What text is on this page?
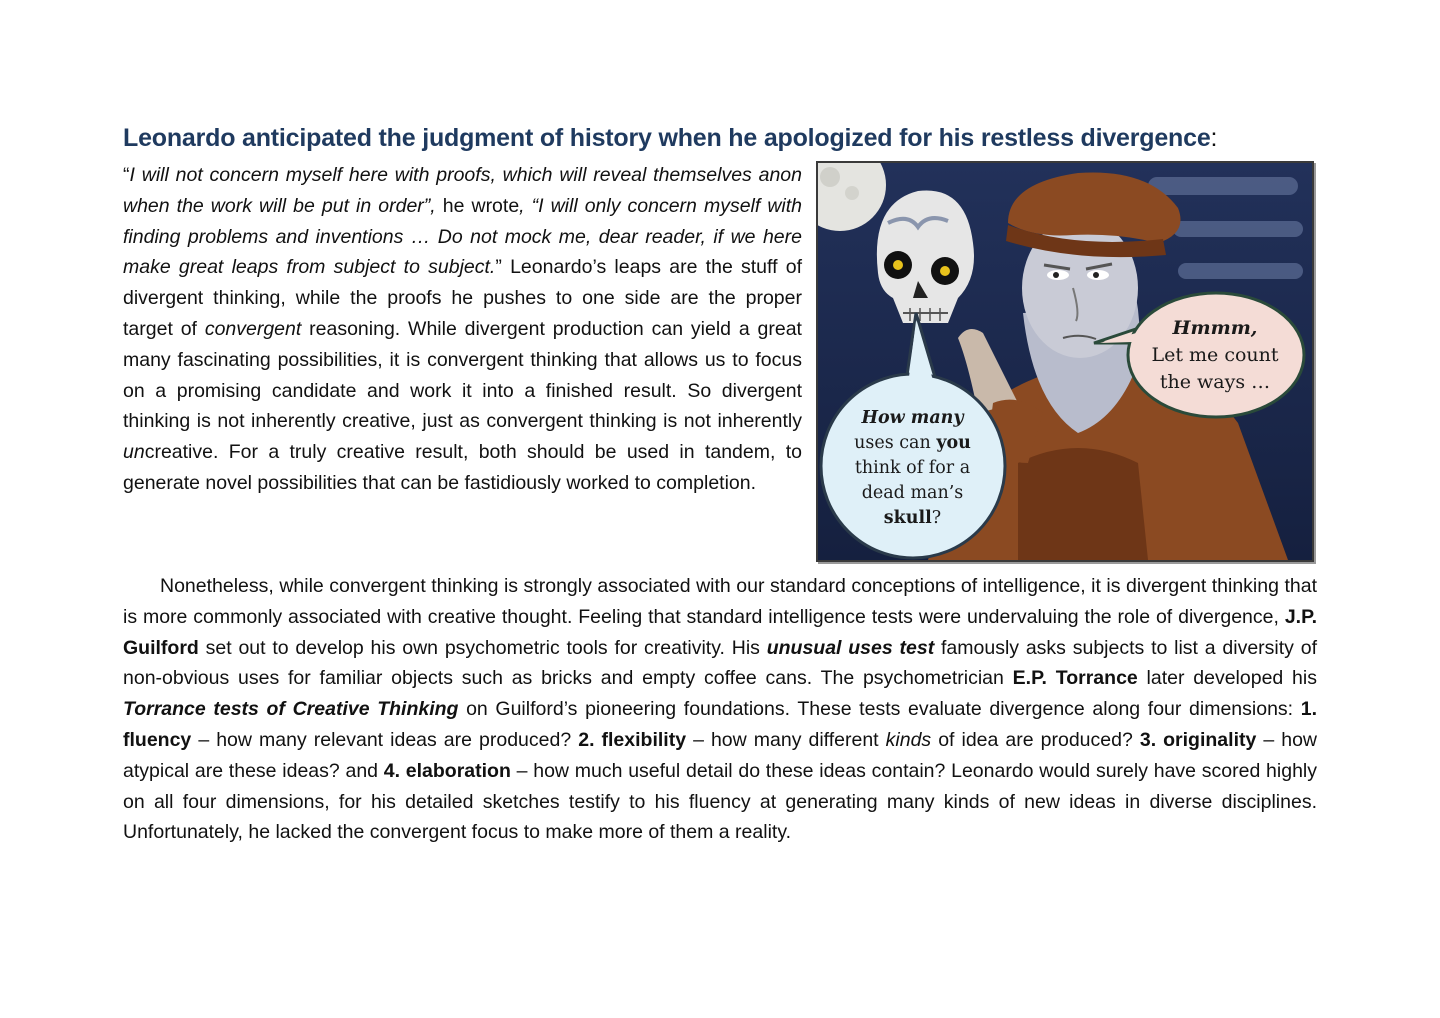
Leonardo anticipated the judgment of history when he apologized for his restless divergence:

“I will not concern myself here with proofs, which will reveal themselves anon when the work will be put in order”, he wrote, “I will only concern myself with finding problems and inventions … Do not mock me, dear reader, if we here make great leaps from subject to subject.” Leonardo’s leaps are the stuff of divergent thinking, while the proofs he pushes to one side are the proper target of convergent reasoning. While divergent production can yield a great many fascinating possibilities, it is convergent thinking that allows us to focus on a promising candidate and work it into a finished result. So divergent thinking is not inherently creative, just as convergent thinking is not inherently uncreative. For a truly creative result, both should be used in tandem, to generate novel possibilities that can be fastidiously worked to completion.

Hmmm,
Let me count
the ways …
How many
uses can you
think of for a
dead man’s
skull?

Nonetheless, while convergent thinking is strongly associated with our standard conceptions of intelligence, it is divergent thinking that is more commonly associated with creative thought. Feeling that standard intelligence tests were undervaluing the role of divergence, J.P. Guilford set out to develop his own psychometric tools for creativity. His unusual uses test famously asks subjects to list a diversity of non-obvious uses for familiar objects such as bricks and empty coffee cans. The psychometrician E.P. Torrance later developed his Torrance tests of Creative Thinking on Guilford’s pioneering foundations. These tests evaluate divergence along four dimensions: 1. fluency – how many relevant ideas are produced? 2. flexibility – how many different kinds of idea are produced? 3. originality – how atypical are these ideas? and 4. elaboration – how much useful detail do these ideas contain? Leonardo would surely have scored highly on all four dimensions, for his detailed sketches testify to his fluency at generating many kinds of new ideas in diverse disciplines. Unfortunately, he lacked the convergent focus to make more of them a reality.
